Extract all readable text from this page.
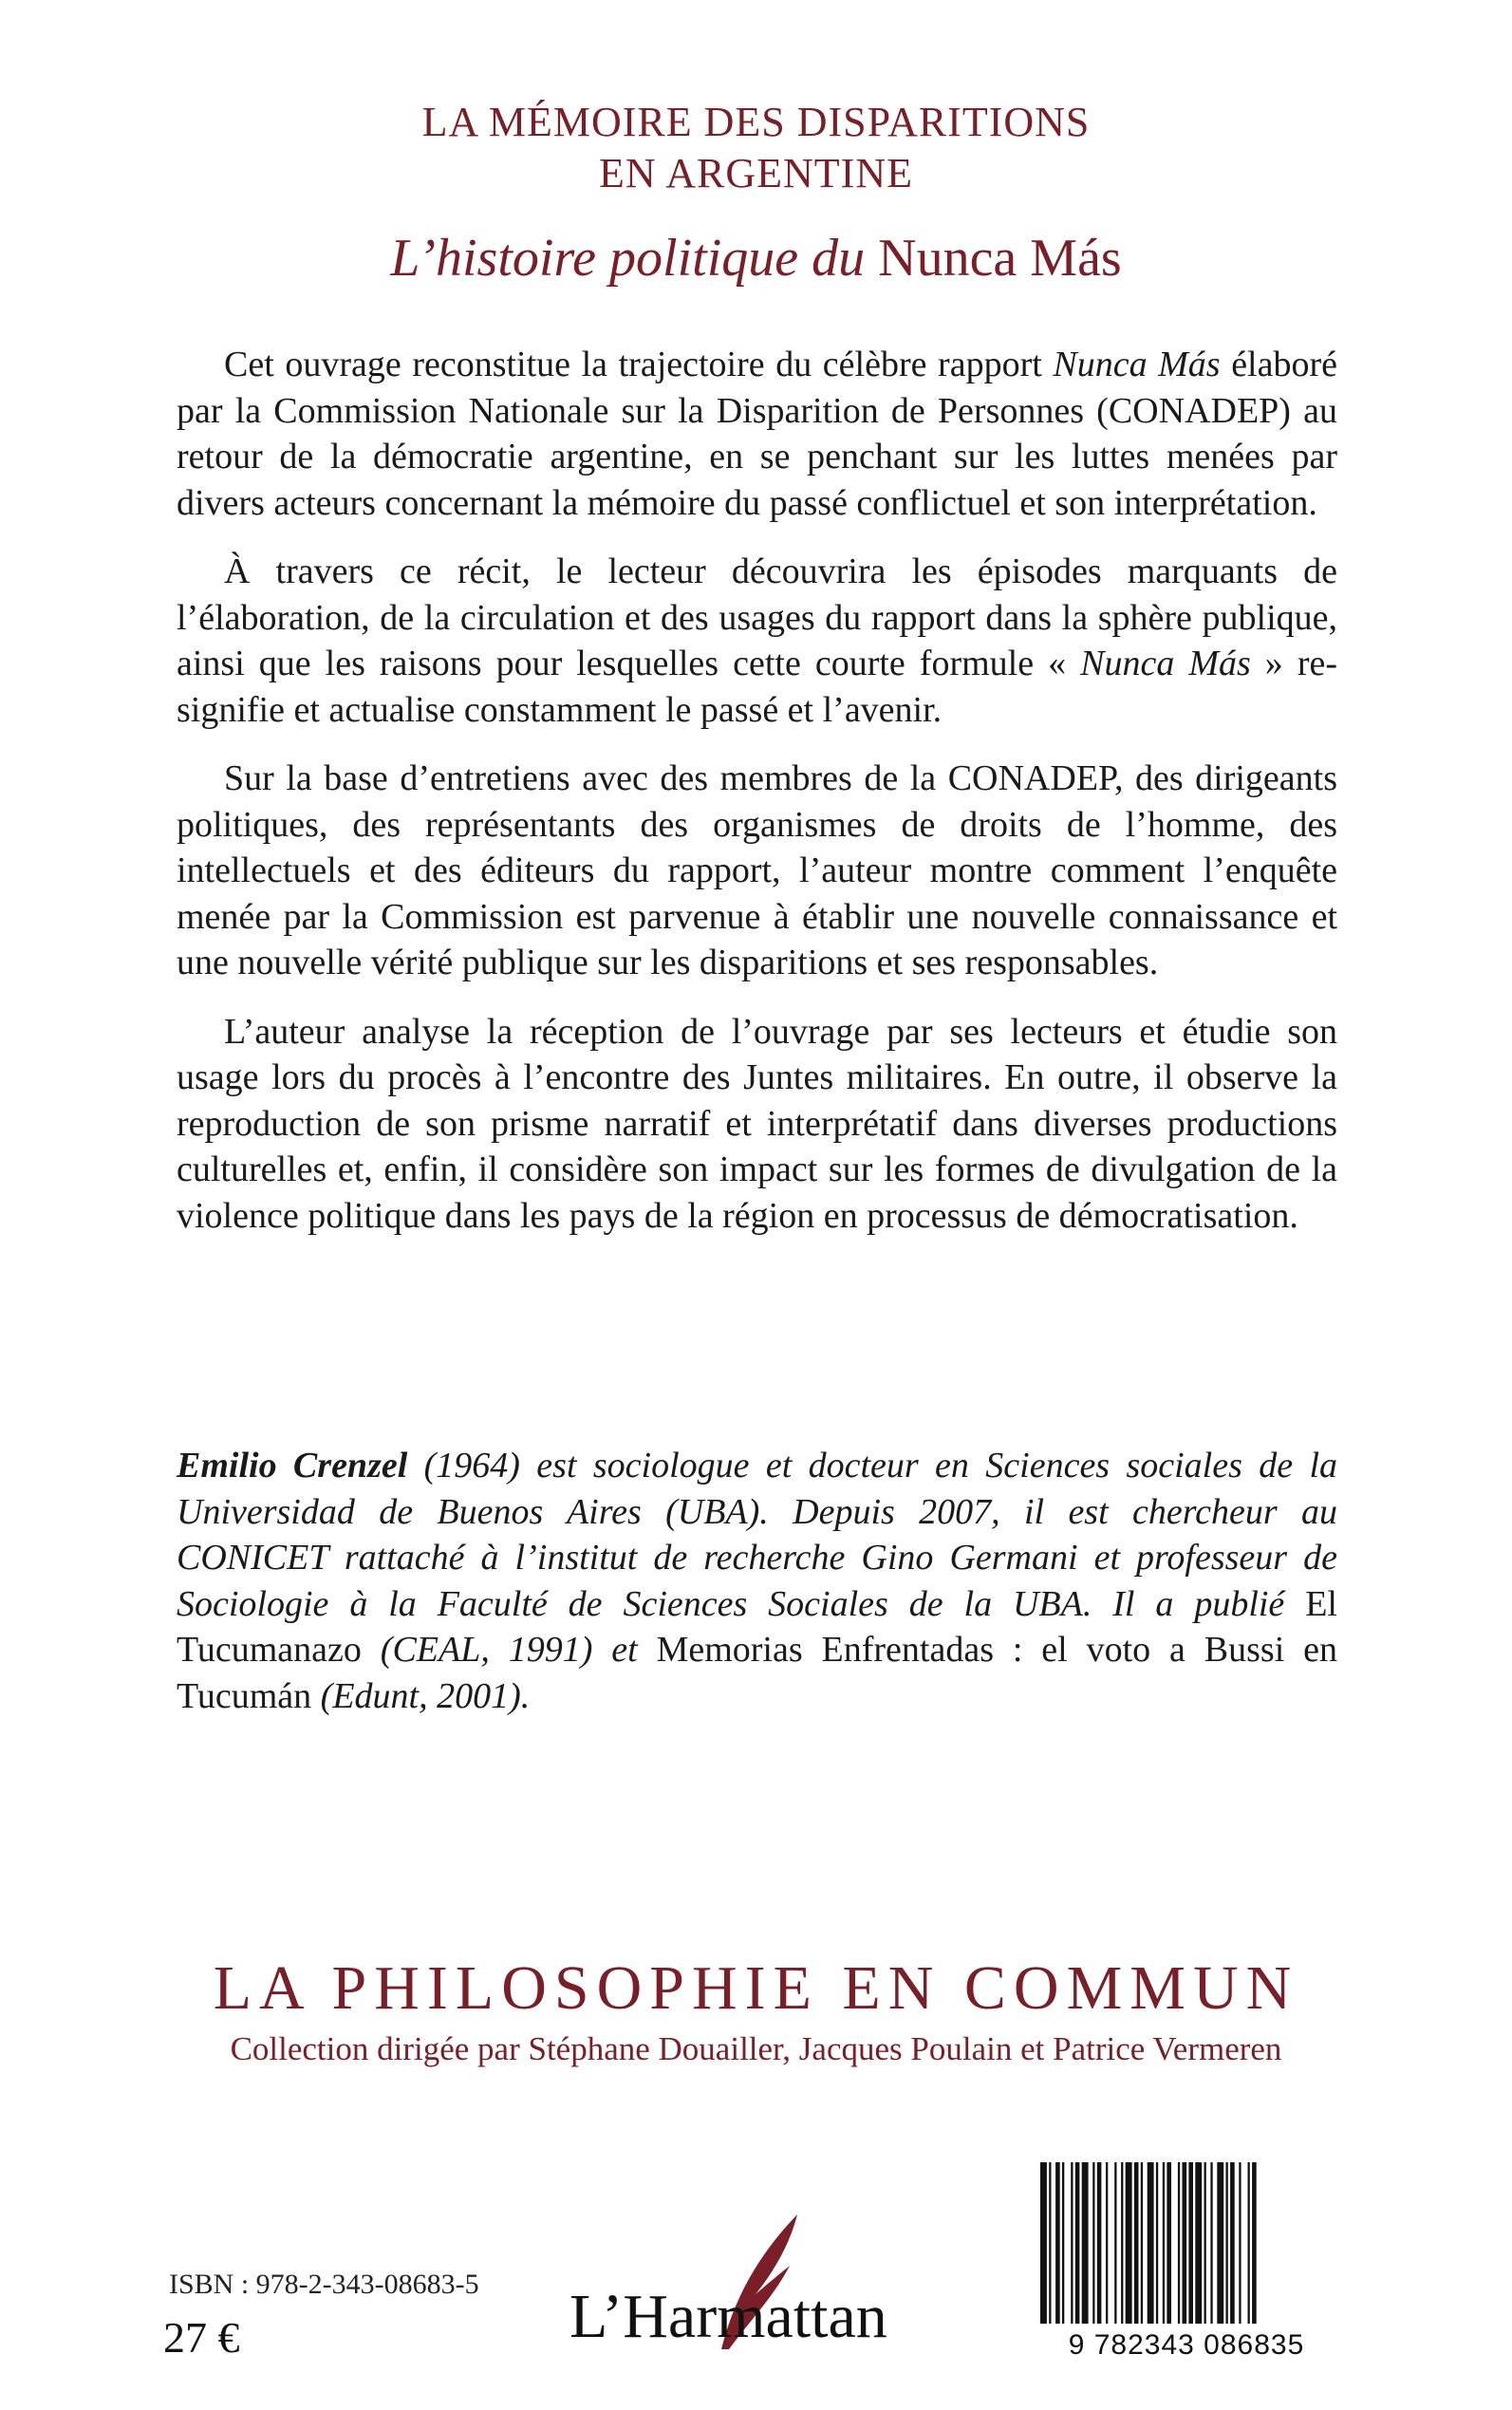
LA MÉMOIRE DES DISPARITIONS
EN ARGENTINE
L’histoire politique du Nunca Más

Cet ouvrage reconstitue la trajectoire du célèbre rapport Nunca Más élaboré par la Commission Nationale sur la Disparition de Personnes (CONADEP) au retour de la démocratie argentine, en se penchant sur les luttes menées par divers acteurs concernant la mémoire du passé conflictuel et son interprétation.

À travers ce récit, le lecteur découvrira les épisodes marquants de l’élaboration, de la circulation et des usages du rapport dans la sphère publique, ainsi que les raisons pour lesquelles cette courte formule « Nunca Más » re-signifie et actualise constamment le passé et l’avenir.

Sur la base d’entretiens avec des membres de la CONADEP, des dirigeants politiques, des représentants des organismes de droits de l’homme, des intellectuels et des éditeurs du rapport, l’auteur montre comment l’enquête menée par la Commission est parvenue à établir une nouvelle connaissance et une nouvelle vérité publique sur les disparitions et ses responsables.

L’auteur analyse la réception de l’ouvrage par ses lecteurs et étudie son usage lors du procès à l’encontre des Juntes militaires. En outre, il observe la reproduction de son prisme narratif et interprétatif dans diverses productions culturelles et, enfin, il considère son impact sur les formes de divulgation de la violence politique dans les pays de la région en processus de démocratisation.

Emilio Crenzel (1964) est sociologue et docteur en Sciences sociales de la Universidad de Buenos Aires (UBA). Depuis 2007, il est chercheur au CONICET rattaché à l’institut de recherche Gino Germani et professeur de Sociologie à la Faculté de Sciences Sociales de la UBA. Il a publié El Tucumanazo (CEAL, 1991) et Memorias Enfrentadas : el voto a Bussi en Tucumán (Edunt, 2001).
LA PHILOSOPHIE EN COMMUN
Collection dirigée par Stéphane Douailler, Jacques Poulain et Patrice Vermeren
ISBN : 978-2-343-08683-5
27 €	L’Harmattan	9 782343 086835
